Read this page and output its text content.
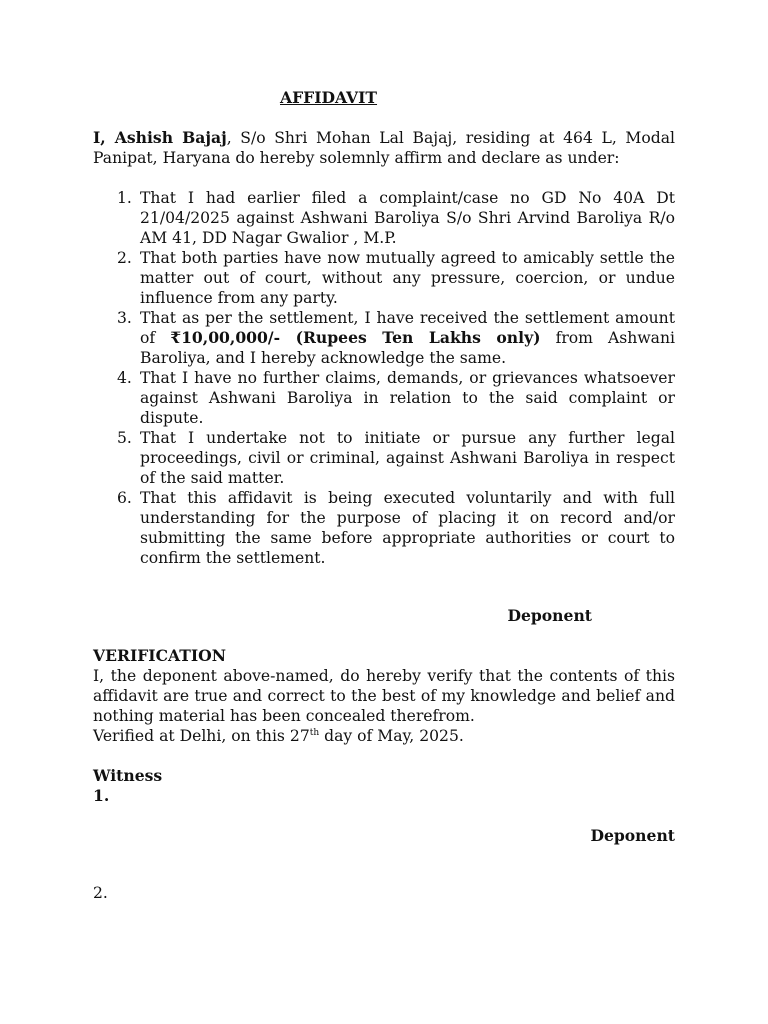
AFFIDAVIT
I, Ashish Bajaj, S/o Shri Mohan Lal Bajaj, residing at 464 L, Modal
Panipat, Haryana do hereby solemnly affirm and declare as under:
1. That I had earlier filed a complaint/case no GD No 40A Dt 21/04/2025 against Ashwani Baroliya S/o Shri Arvind Baroliya R/o AM 41, DD Nagar Gwalior , M.P.
2. That both parties have now mutually agreed to amicably settle the matter out of court, without any pressure, coercion, or undue influence from any party.
3. That as per the settlement, I have received the settlement amount of ₹10,00,000/- (Rupees Ten Lakhs only) from Ashwani Baroliya, and I hereby acknowledge the same.
4. That I have no further claims, demands, or grievances whatsoever against Ashwani Baroliya in relation to the said complaint or dispute.
5. That I undertake not to initiate or pursue any further legal proceedings, civil or criminal, against Ashwani Baroliya in respect of the said matter.
6. That this affidavit is being executed voluntarily and with full understanding for the purpose of placing it on record and/or submitting the same before appropriate authorities or court to confirm the settlement.
Deponent
VERIFICATION
I, the deponent above-named, do hereby verify that the contents of this affidavit are true and correct to the best of my knowledge and belief and nothing material has been concealed therefrom.
Verified at Delhi, on this 27th day of May, 2025.
Witness
1.
Deponent
2.
